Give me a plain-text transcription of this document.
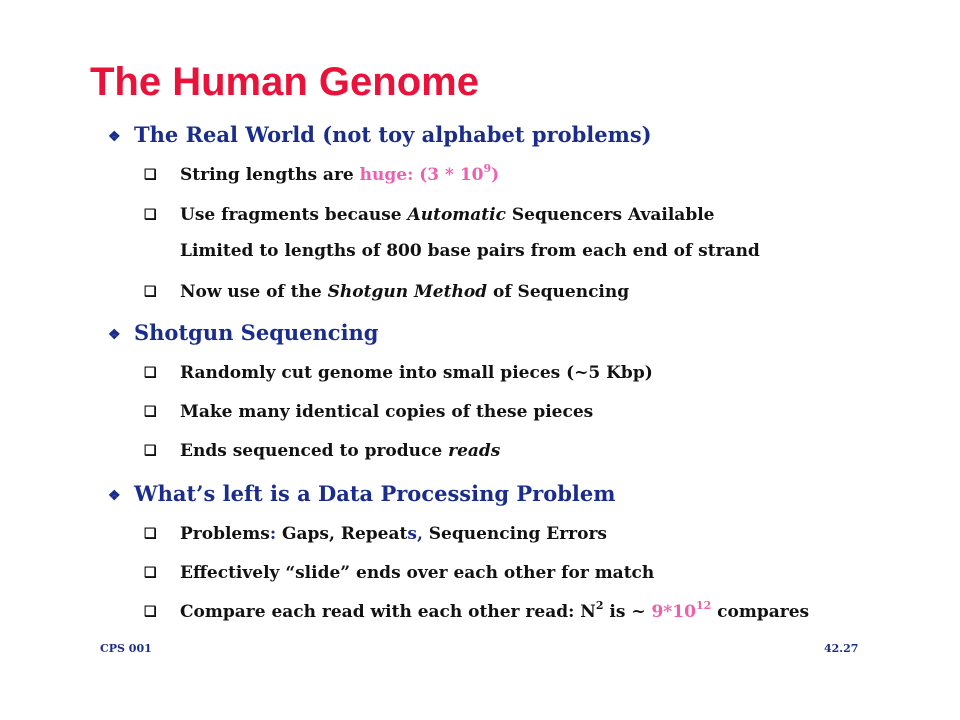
The Human Genome
❖ The Real World (not toy alphabet problems)
❑ String lengths are huge: $(3 * 10^9)$
❑ Use fragments because Automatic Sequencers Available
Limited to lengths of 800 base pairs from each end of strand
❑ Now use of the Shotgun Method of Sequencing
❖ Shotgun Sequencing
❑ Randomly cut genome into small pieces (~5 Kbp)
❑ Make many identical copies of these pieces
❑ Ends sequenced to produce reads
❖ What’s left is a Data Processing Problem
❑ Problems: Gaps, Repeats, Sequencing Errors
❑ Effectively “slide” ends over each other for match
❑ Compare each read with each other read: $N^2$ is ~ $9*10^{12}$ compares
CPS 001	42.27
